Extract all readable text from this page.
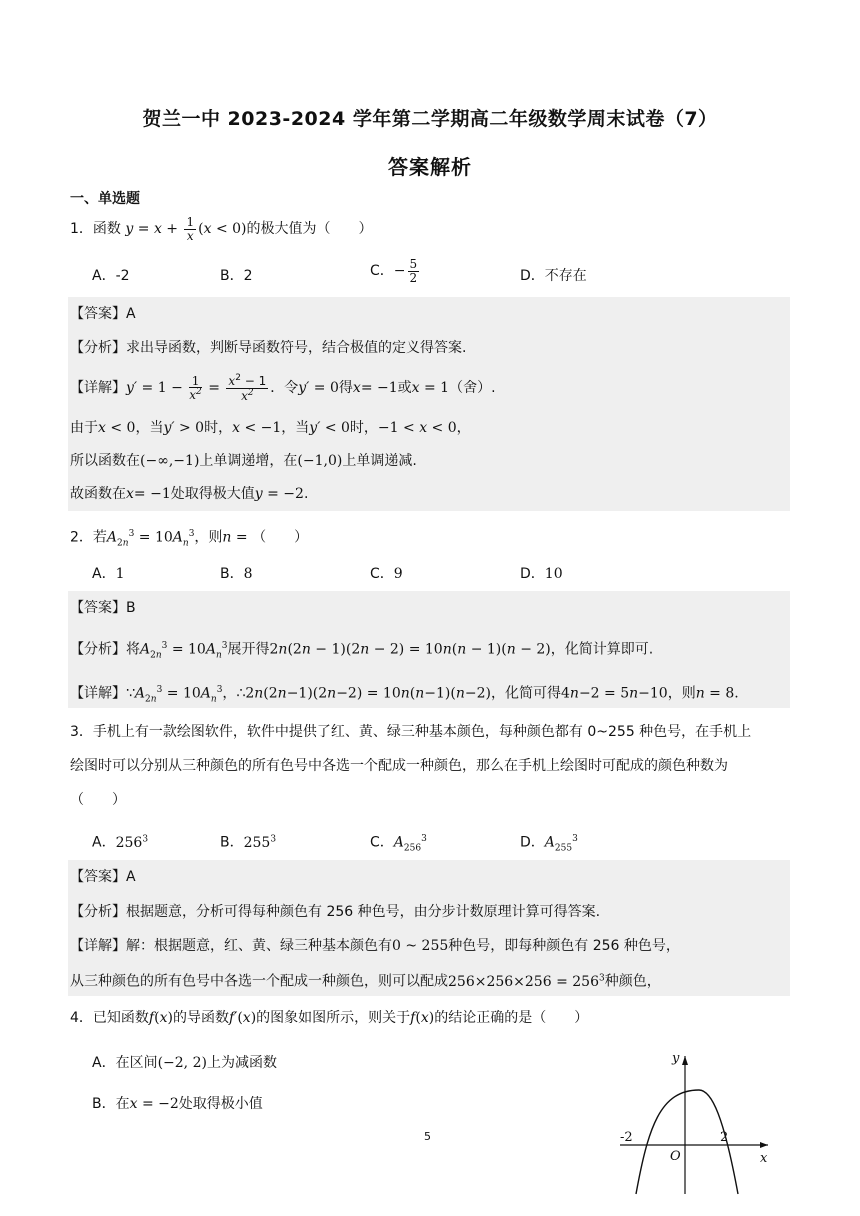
贺兰一中 2023-2024 学年第二学期高二年级数学周末试卷（7）
答案解析
一、单选题
1．函数 $y = x + \frac{1}{x} (x < 0)$的极大值为（　　）
A．-2	B．2	C．− $\frac{5}{2}$	D．不存在
【答案】A
【分析】求出导函数，判断导函数符号，结合极值的定义得答案.
【详解】$y' = 1 - \frac{1}{x^2} = \frac{x^2 - 1}{x^2}$ ．令y′ = 0得x= −1或x = 1（舍）.
由于x < 0，当y′ > 0时，x < −1，当y′ < 0时，−1 < x < 0，
所以函数在(−∞,−1)上单调递增，在(−1,0)上单调递减.
故函数在x= −1处取得极大值y = −2.
2．若$A_{2n}^3 = 10A_n^3$，则n = （　　）
A．1	B．8	C．9	D．10
【答案】B
【分析】将$A_{2n}^3 = 10A_n^3$展开得2n(2n − 1)(2n − 2) = 10n(n − 1)(n − 2)，化简计算即可.
【详解】$\because A_{2n}^3 = 10A_n^3$，∴2n(2n−1)(2n−2) = 10n(n−1)(n−2)，化简可得4n−2 = 5n−10，则n = 8.
3．手机上有一款绘图软件，软件中提供了红、黄、绿三种基本颜色，每种颜色都有 0~255 种色号，在手机上
绘图时可以分别从三种颜色的所有色号中各选一个配成一种颜色，那么在手机上绘图时可配成的颜色种数为
（　　）
A．$256^3$	B．$255^3$	C．$A_{256}^3$	D．$A_{255}^3$
【答案】A
【分析】根据题意，分析可得每种颜色有 256 种色号，由分步计数原理计算可得答案.
【详解】解：根据题意，红、黄、绿三种基本颜色有0 ~ 255种色号，即每种颜色有 256 种色号，
从三种颜色的所有色号中各选一个配成一种颜色，则可以配成$256\times 256\times 256 = 256^3$种颜色，
4．已知函数f(x)的导函数f′(x)的图象如图所示，则关于f(x)的结论正确的是（　　）
A．在区间(−2, 2)上为减函数
B．在x = −2处取得极小值
y
x
O
-2	2
5
